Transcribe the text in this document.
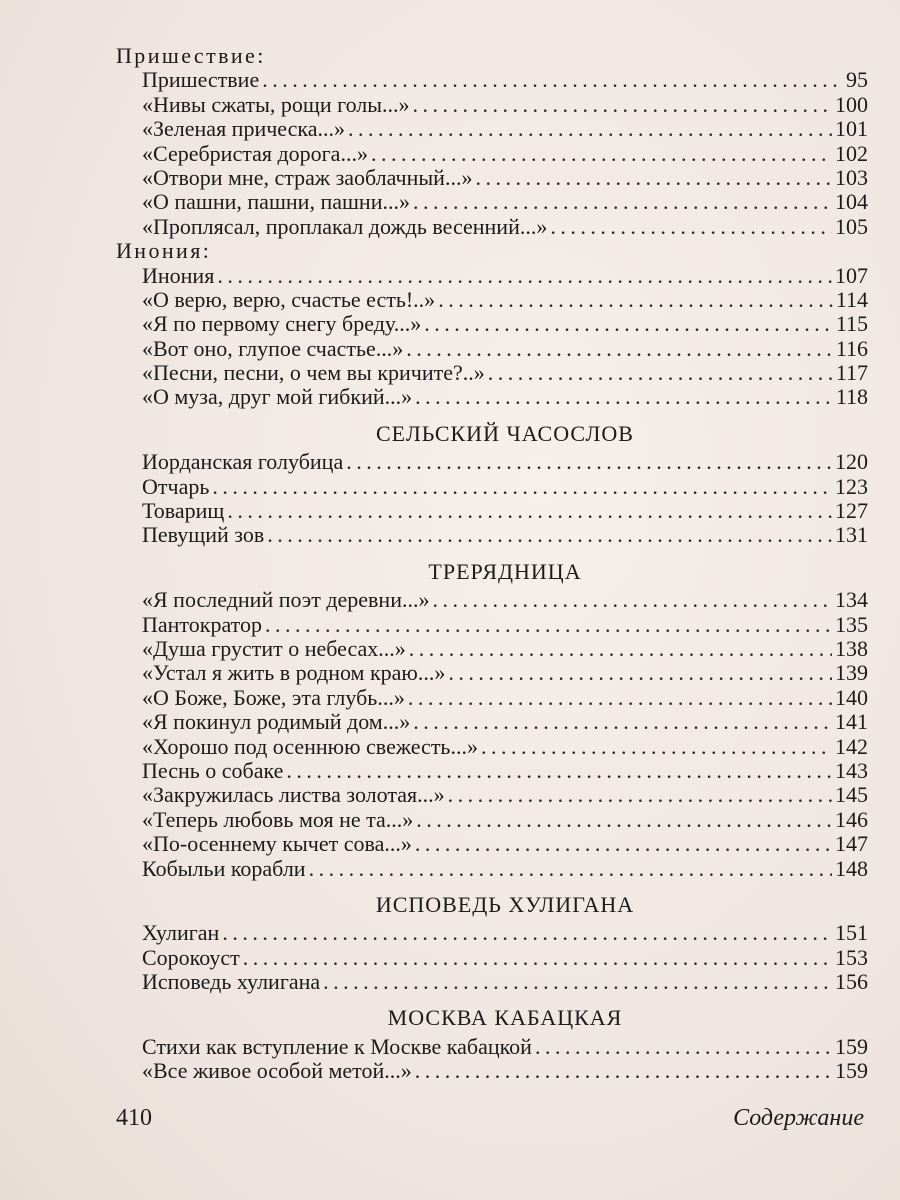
Пришествие:
Пришествие . . .	95
«Нивы сжаты, рощи голы...» . . .	100
«Зеленая прическа...» . . .	101
«Серебристая дорога...» . . .	102
«Отвори мне, страж заоблачный...» . . .	103
«О пашни, пашни, пашни...» . . .	104
«Проплясал, проплакал дождь весенний...» . . .	105
Инония:
Инония . . .	107
«О верю, верю, счастье есть!..» . . .	114
«Я по первому снегу бреду...» . . .	115
«Вот оно, глупое счастье...» . . .	116
«Песни, песни, о чем вы кричите?..» . . .	117
«О муза, друг мой гибкий...» . . .	118
СЕЛЬСКИЙ ЧАСОСЛОВ
Иорданская голубица . . .	120
Отчарь . . .	123
Товарищ . . .	127
Певущий зов . . .	131
ТРЕРЯДНИЦА
«Я последний поэт деревни...» . . .	134
Пантократор . . .	135
«Душа грустит о небесах...» . . .	138
«Устал я жить в родном краю...» . . .	139
«О Боже, Боже, эта глубь...» . . .	140
«Я покинул родимый дом...» . . .	141
«Хорошо под осеннюю свежесть...» . . .	142
Песнь о собаке . . .	143
«Закружилась листва золотая...» . . .	145
«Теперь любовь моя не та...» . . .	146
«По-осеннему кычет сова...» . . .	147
Кобыльи корабли . . .	148
ИСПОВЕДЬ ХУЛИГАНА
Хулиган . . .	151
Сорокоуст . . .	153
Исповедь хулигана . . .	156
МОСКВА КАБАЦКАЯ
Стихи как вступление к Москве кабацкой . . .	159
«Все живое особой метой...» . . .	159
410	Содержание
